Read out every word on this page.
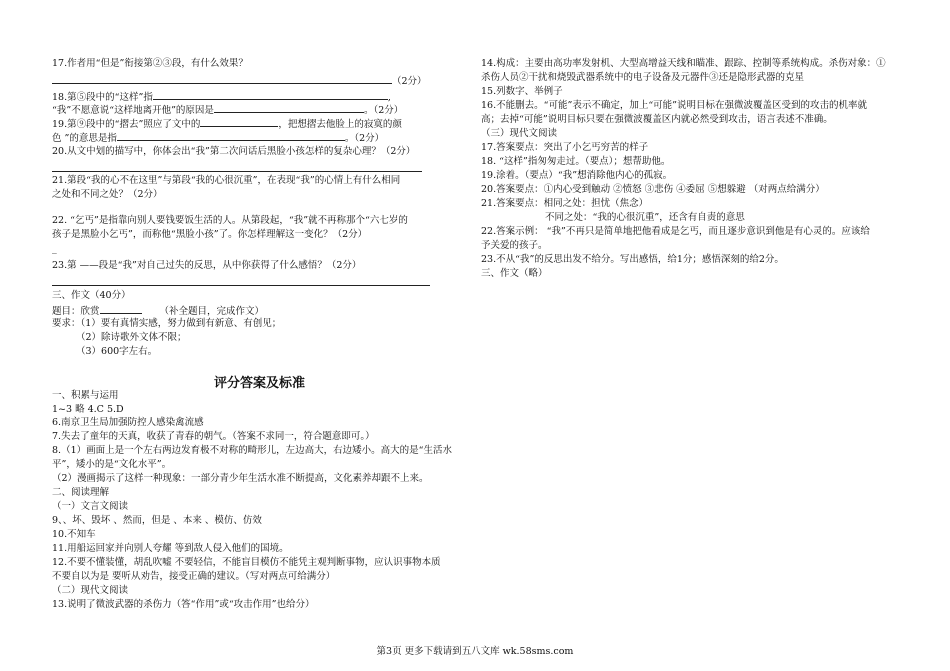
17.作者用“但是”衔接第②③段，有什么效果？
（2分）
18.第⑤段中的“这样”指	,
“我”不愿意说“这样地离开他”的原因是	。（2分）
19.第⑨段中的“摺去”照应了文中的	，把想摺去他脸上的寂寞的颜
色 ”的意思是指	。（2分）
20.从文中划的描写中，你体会出“我”第二次问话后黑脸小孩怎样的复杂心理？（2分）
21.第段“我的心不在这里”与第段“我的心很沉重”，在表现“我”的心情上有什么相同
之处和不同之处？（2分）
22. “乞丐”是指靠向别人要钱要饭生活的人。从第段起，“我”就不再称那个“六七岁的
孩子是黑脸小乞丐”，而称他“黑脸小孩”了。你怎样理解这一变化？（2分）
_
23.第 ——段是“我”对自己过失的反思，从中你获得了什么感悟？（2分）
三、作文（40分）
题目：欣赏	（补全题目，完成作文）
要求：（1）要有真情实感，努力做到有新意、有创见；
（2）除诗歌外文体不限；
（3）600字左右。
评分答案及标准
一、积累与运用
1~3 略 4.C 5.D
6.南京卫生局加强防控人感染禽流感
7.失去了童年的天真，收获了青春的朝气。（答案不求同一，符合题意即可。）
8.（1）画面上是一个左右两边发育极不对称的畸形儿，左边高大，右边矮小。高大的是“生活水
平”，矮小的是“文化水平”。
（2）漫画揭示了这样一种现象：一部分青少年生活水准不断提高，文化素养却跟不上来。
二、阅读理解
（一）文言文阅读
9、、坏、毁坏 、然而，但是 、本来 、模仿、仿效
10.不知车
11.用船运回家并向别人夸耀 等到敌人侵入他们的国境。
12.不要不懂装懂，胡乱吹嘘 不要轻信，不能盲目模仿不能凭主观判断事物，应认识事物本质
不要自以为是 要听从劝告，接受正确的建议。（写对两点可给满分）
（二）现代文阅读
13.说明了微波武器的杀伤力（答“作用”或“攻击作用”也给分）
14.构成：主要由高功率发射机、大型高增益天线和瞄准、跟踪、控制等系统构成。杀伤对象：①
杀伤人员②干扰和烧毁武器系统中的电子设备及元器件③还是隐形武器的克星
15.列数字、举例子
16.不能删去。“可能”表示不确定，加上“可能”说明目标在强微波覆盖区受到的攻击的机率就
高；去掉“可能”说明目标只要在强微波覆盖区内就必然受到攻击，语言表述不准确。
（三）现代文阅读
17.答案要点：突出了小乞丐穷苦的样子
18. “这样”指匆匆走过。（要点）；想帮助他。
19.涂着。（要点）“我”想消除他内心的孤寂。
20.答案要点：①内心受到触动 ②愤怒 ③悲伤 ④委屈 ⑤想躲避 （对两点给满分）
21.答案要点：相同之处：担忧（焦念）
不同之处：“我的心很沉重”，还含有自责的意思
22.答案示例： “我”不再只是简单地把他看成是乞丐，而且逐步意识到他是有心灵的。应该给
予关爱的孩子。
23.不从“我”的反思出发不给分。写出感悟，给1分；感悟深刻的给2分。
三、作文（略）
第3页 更多下载请到五八文库 wk.58sms.com
